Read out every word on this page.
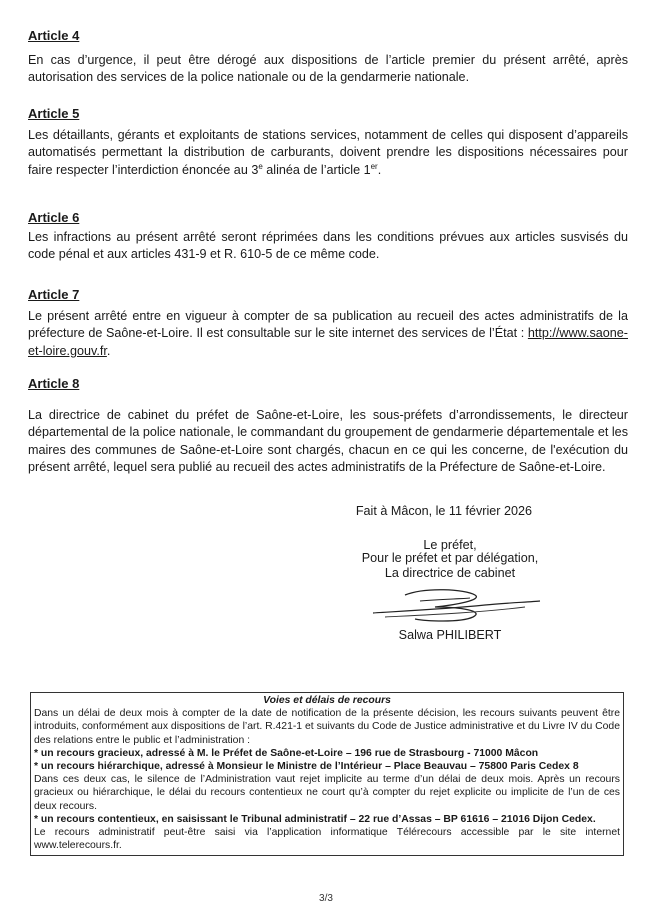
Article 4
En cas d’urgence, il peut être dérogé aux dispositions de l’article premier du présent arrêté, après autorisation des services de la police nationale ou de la gendarmerie nationale.
Article 5
Les détaillants, gérants et exploitants de stations services, notamment de celles qui disposent d’appareils automatisés permettant la distribution de carburants, doivent prendre les dispositions nécessaires pour faire respecter l’interdiction énoncée au 3e alinéa de l’article 1er.
Article 6
Les infractions au présent arrêté seront réprimées dans les conditions prévues aux articles susvisés du code pénal et aux articles 431-9 et R. 610-5 de ce même code.
Article 7
Le présent arrêté entre en vigueur à compter de sa publication au recueil des actes administratifs de la préfecture de Saône-et-Loire. Il est consultable sur le site internet des services de l’État : http://www.saone-et-loire.gouv.fr.
Article 8
La directrice de cabinet du préfet de Saône-et-Loire, les sous-préfets d’arrondissements, le directeur départemental de la police nationale, le commandant du groupement de gendarmerie départementale et les maires des communes de Saône-et-Loire sont chargés, chacun en ce qui les concerne, de l'exécution du présent arrêté, lequel sera publié au recueil des actes administratifs de la Préfecture de Saône-et-Loire.
Fait à Mâcon, le 11 février 2026
Le préfet,
Pour le préfet et par délégation,
La directrice de cabinet
Salwa PHILIBERT
Voies et délais de recours
Dans un délai de deux mois à compter de la date de notification de la présente décision, les recours suivants peuvent être introduits, conformément aux dispositions de l’art. R.421-1 et suivants du Code de Justice administrative et du Livre IV du Code des relations entre le public et l’administration :
* un recours gracieux, adressé à M. le Préfet de Saône-et-Loire – 196 rue de Strasbourg - 71000 Mâcon
* un recours hiérarchique, adressé à Monsieur le Ministre de l’Intérieur – Place Beauvau – 75800 Paris Cedex 8
Dans ces deux cas, le silence de l’Administration vaut rejet implicite au terme d’un délai de deux mois. Après un recours gracieux ou hiérarchique, le délai du recours contentieux ne court qu’à compter du rejet explicite ou implicite de l’un de ces deux recours.
* un recours contentieux, en saisissant le Tribunal administratif – 22 rue d’Assas – BP 61616 – 21016 Dijon Cedex.
Le recours administratif peut-être saisi via l’application informatique Télérecours accessible par le site internet www.telerecours.fr.
3/3
